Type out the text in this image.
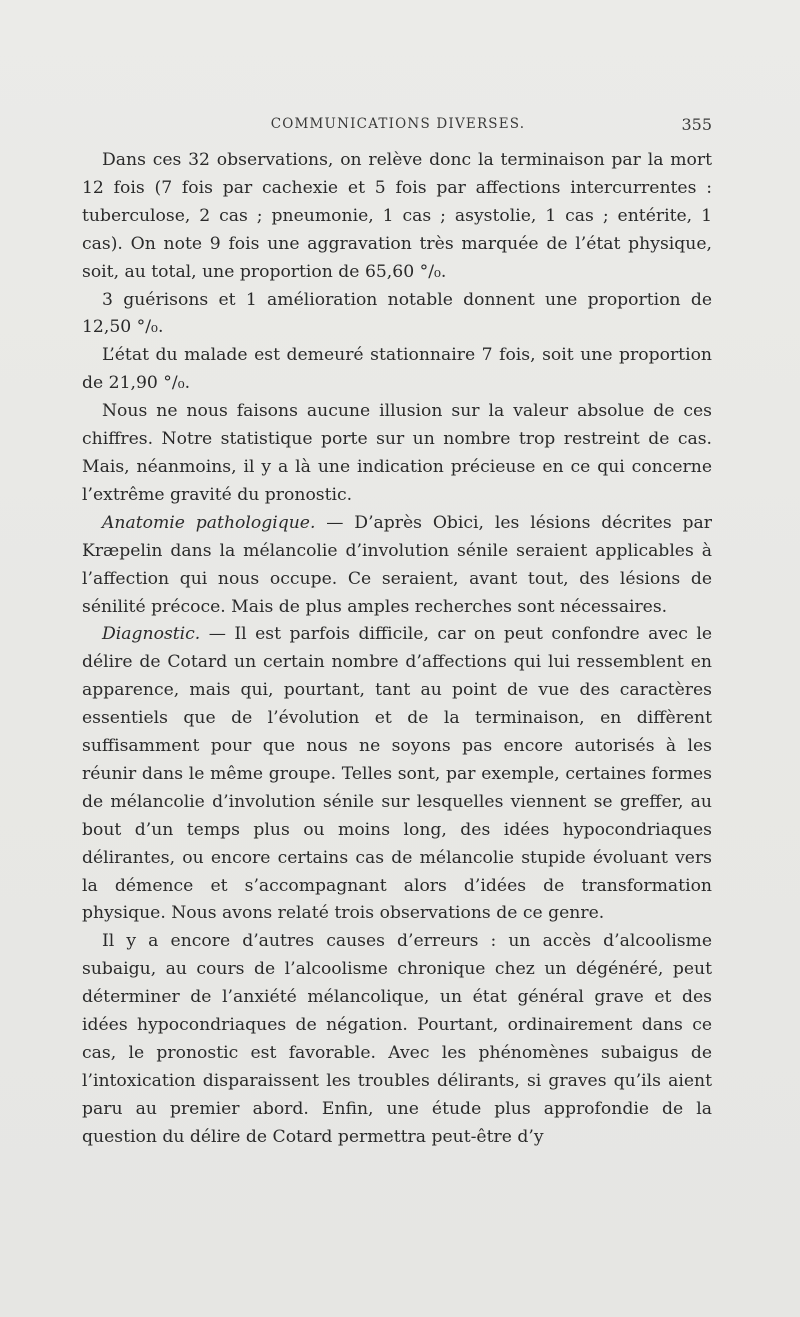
COMMUNICATIONS DIVERSES.	355

Dans ces 32 observations, on relève donc la terminaison par la mort 12 fois (7 fois par cachexie et 5 fois par affections intercurrentes : tuberculose, 2 cas ; pneumonie, 1 cas ; asystolie, 1 cas ; entérite, 1 cas). On note 9 fois une aggravation très marquée de l’état physique, soit, au total, une proportion de 65,60 °/₀.

3 guérisons et 1 amélioration notable donnent une proportion de 12,50 °/₀.

L’état du malade est demeuré stationnaire 7 fois, soit une proportion de 21,90 °/₀.

Nous ne nous faisons aucune illusion sur la valeur absolue de ces chiffres. Notre statistique porte sur un nombre trop restreint de cas. Mais, néanmoins, il y a là une indication précieuse en ce qui concerne l’extrême gravité du pronostic.

Anatomie pathologique. — D’après Obici, les lésions décrites par Kræpelin dans la mélancolie d’involution sénile seraient applicables à l’affection qui nous occupe. Ce seraient, avant tout, des lésions de sénilité précoce. Mais de plus amples recherches sont nécessaires.

Diagnostic. — Il est parfois difficile, car on peut confondre avec le délire de Cotard un certain nombre d’affections qui lui ressemblent en apparence, mais qui, pourtant, tant au point de vue des caractères essentiels que de l’évolution et de la terminaison, en diffèrent suffisamment pour que nous ne soyons pas encore autorisés à les réunir dans le même groupe. Telles sont, par exemple, certaines formes de mélancolie d’involution sénile sur lesquelles viennent se greffer, au bout d’un temps plus ou moins long, des idées hypocondriaques délirantes, ou encore certains cas de mélancolie stupide évoluant vers la démence et s’accompagnant alors d’idées de transformation physique. Nous avons relaté trois observations de ce genre.

Il y a encore d’autres causes d’erreurs : un accès d’alcoolisme subaigu, au cours de l’alcoolisme chronique chez un dégénéré, peut déterminer de l’anxiété mélancolique, un état général grave et des idées hypocondriaques de négation. Pourtant, ordinairement dans ce cas, le pronostic est favorable. Avec les phénomènes subaigus de l’intoxication disparaissent les troubles délirants, si graves qu’ils aient paru au premier abord. Enfin, une étude plus approfondie de la question du délire de Cotard permettra peut-être d’y
